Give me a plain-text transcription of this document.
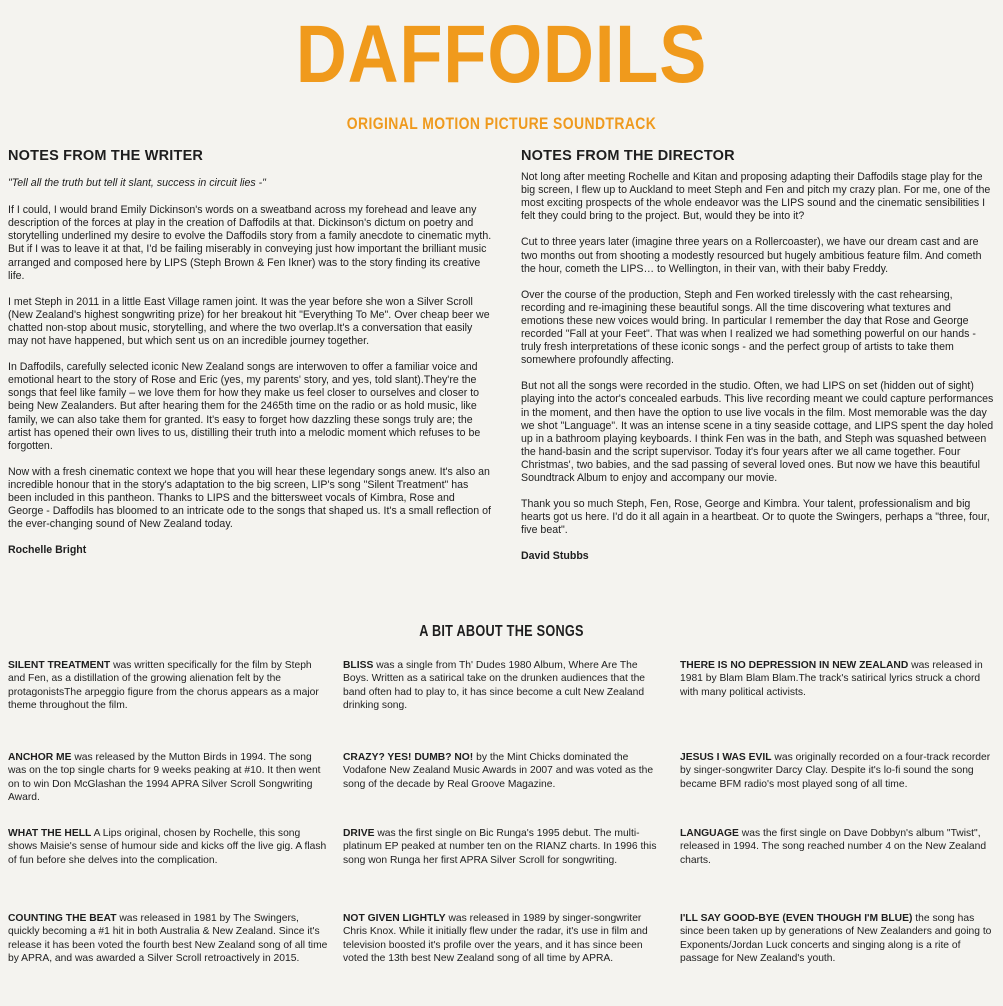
DAFFODILS
ORIGINAL MOTION PICTURE SOUNDTRACK
NOTES FROM THE WRITER

"Tell all the truth but tell it slant, success in circuit lies -"

If I could, I would brand Emily Dickinson's words on a sweatband across my forehead and leave any description of the forces at play in the creation of Daffodils at that. Dickinson's dictum on poetry and storytelling underlined my desire to evolve the Daffodils story from a family anecdote to cinematic myth. But if I was to leave it at that, I'd be failing miserably in conveying just how important the brilliant music arranged and composed here by LIPS (Steph Brown & Fen Ikner) was to the story finding its creative life.

I met Steph in 2011 in a little East Village ramen joint. It was the year before she won a Silver Scroll (New Zealand's highest songwriting prize) for her breakout hit "Everything To Me". Over cheap beer we chatted non-stop about music, storytelling, and where the two overlap.It's a conversation that easily may not have happened, but which sent us on an incredible journey together.

In Daffodils, carefully selected iconic New Zealand songs are interwoven to offer a familiar voice and emotional heart to the story of Rose and Eric (yes, my parents' story, and yes, told slant).They're the songs that feel like family – we love them for how they make us feel closer to ourselves and closer to being New Zealanders. But after hearing them for the 2465th time on the radio or as hold music, like family, we can also take them for granted. It's easy to forget how dazzling these songs truly are; the artist has opened their own lives to us, distilling their truth into a melodic moment which refuses to be forgotten.

Now with a fresh cinematic context we hope that you will hear these legendary songs anew. It's also an incredible honour that in the story's adaptation to the big screen, LIP's song "Silent Treatment" has been included in this pantheon. Thanks to LIPS and the bittersweet vocals of Kimbra, Rose and George - Daffodils has bloomed to an intricate ode to the songs that shaped us. It's a small reflection of the ever-changing sound of New Zealand today.

Rochelle Bright

NOTES FROM THE DIRECTOR

Not long after meeting Rochelle and Kitan and proposing adapting their Daffodils stage play for the big screen, I flew up to Auckland to meet Steph and Fen and pitch my crazy plan. For me, one of the most exciting prospects of the whole endeavor was the LIPS sound and the cinematic sensibilities I felt they could bring to the project. But, would they be into it?

Cut to three years later (imagine three years on a Rollercoaster), we have our dream cast and are two months out from shooting a modestly resourced but hugely ambitious feature film. And cometh the hour, cometh the LIPS… to Wellington, in their van, with their baby Freddy.

Over the course of the production, Steph and Fen worked tirelessly with the cast rehearsing, recording and re-imagining these beautiful songs. All the time discovering what textures and emotions these new voices would bring. In particular I remember the day that Rose and George recorded "Fall at your Feet". That was when I realized we had something powerful on our hands - truly fresh interpretations of these iconic songs - and the perfect group of artists to take them somewhere profoundly affecting.

But not all the songs were recorded in the studio. Often, we had LIPS on set (hidden out of sight) playing into the actor's concealed earbuds. This live recording meant we could capture performances in the moment, and then have the option to use live vocals in the film. Most memorable was the day we shot "Language". It was an intense scene in a tiny seaside cottage, and LIPS spent the day holed up in a bathroom playing keyboards. I think Fen was in the bath, and Steph was squashed between the hand-basin and the script supervisor. Today it's four years after we all came together. Four Christmas', two babies, and the sad passing of several loved ones. But now we have this beautiful Soundtrack Album to enjoy and accompany our movie.

Thank you so much Steph, Fen, Rose, George and Kimbra. Your talent, professionalism and big hearts got us here. I'd do it all again in a heartbeat. Or to quote the Swingers, perhaps a "three, four, five beat".

David Stubbs

A BIT ABOUT THE SONGS
SILENT TREATMENT was written specifically for the film by Steph and Fen, as a distillation of the growing alienation felt by the protagonistsThe arpeggio figure from the chorus appears as a major theme throughout the film.
BLISS was a single from Th' Dudes 1980 Album, Where Are The Boys. Written as a satirical take on the drunken audiences that the band often had to play to, it has since become a cult New Zealand drinking song.
THERE IS NO DEPRESSION IN NEW ZEALAND was released in 1981 by Blam Blam Blam.The track's satirical lyrics struck a chord with many political activists.
ANCHOR ME was released by the Mutton Birds in 1994. The song was on the top single charts for 9 weeks peaking at #10. It then went on to win Don McGlashan the 1994 APRA Silver Scroll Songwriting Award.
CRAZY? YES! DUMB? NO! by the Mint Chicks dominated the Vodafone New Zealand Music Awards in 2007 and was voted as the song of the decade by Real Groove Magazine.
JESUS I WAS EVIL was originally recorded on a four-track recorder by singer-songwriter Darcy Clay. Despite it's lo-fi sound the song became BFM radio's most played song of all time.
WHAT THE HELL A Lips original, chosen by Rochelle, this song shows Maisie's sense of humour side and kicks off the live gig. A flash of fun before she delves into the complication.
DRIVE was the first single on Bic Runga's 1995 debut. The multi-platinum EP peaked at number ten on the RIANZ charts. In 1996 this song won Runga her first APRA Silver Scroll for songwriting.
LANGUAGE was the first single on Dave Dobbyn's album "Twist", released in 1994. The song reached number 4 on the New Zealand charts.
COUNTING THE BEAT was released in 1981 by The Swingers, quickly becoming a #1 hit in both Australia & New Zealand. Since it's release it has been voted the fourth best New Zealand song of all time by APRA, and was awarded a Silver Scroll retroactively in 2015.
NOT GIVEN LIGHTLY was released in 1989 by singer-songwriter Chris Knox. While it initially flew under the radar, it's use in film and television boosted it's profile over the years, and it has since been voted the 13th best New Zealand song of all time by APRA.
I'LL SAY GOOD-BYE (EVEN THOUGH I'M BLUE) the song has since been taken up by generations of New Zealanders and going to Exponents/Jordan Luck concerts and singing along is a rite of passage for New Zealand's youth.
